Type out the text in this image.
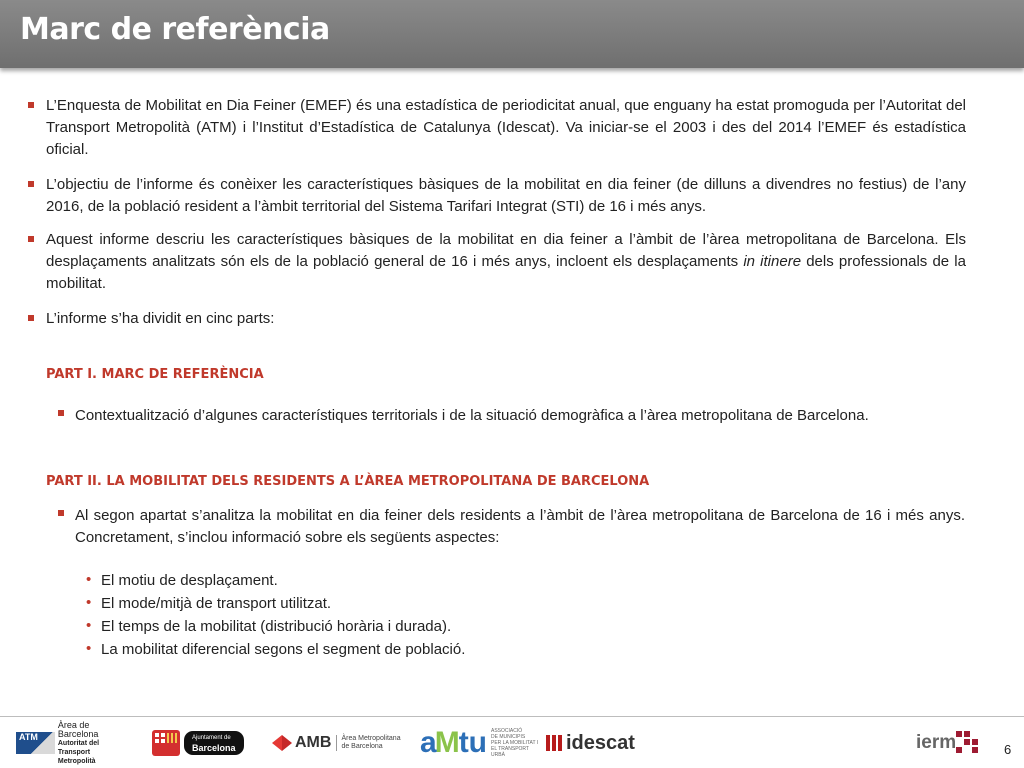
Marc de referència
L’Enquesta de Mobilitat en Dia Feiner (EMEF) és una estadística de periodicitat anual, que enguany ha estat promoguda per l’Autoritat del Transport Metropolità (ATM) i l’Institut d’Estadística de Catalunya (Idescat). Va iniciar-se el 2003 i des del 2014 l’EMEF és estadística oficial.
L’objectiu de l’informe és conèixer les característiques bàsiques de la mobilitat en dia feiner (de dilluns a divendres no festius) de l’any 2016, de la població resident a l’àmbit territorial del Sistema Tarifari Integrat (STI) de 16 i més anys.
Aquest informe descriu les característiques bàsiques de la mobilitat en dia feiner a l’àmbit de l’àrea metropolitana de Barcelona. Els desplaçaments analitzats són els de la població general de 16 i més anys, incloent els desplaçaments in itinere dels professionals de la mobilitat.
L’informe s’ha dividit en cinc parts:
PART I. MARC DE REFERÈNCIA
Contextualització d’algunes característiques territorials i de la situació demogràfica a l’àrea metropolitana de Barcelona.
PART II. LA MOBILITAT DELS RESIDENTS A L’ÀREA METROPOLITANA DE BARCELONA
Al segon apartat s’analitza la mobilitat en dia feiner dels residents a l’àmbit de l’àrea metropolitana de Barcelona de 16 i més anys. Concretament, s’inclou informació sobre els següents aspectes:
• El motiu de desplaçament.
• El mode/mitjà de transport utilitzat.
• El temps de la mobilitat (distribució horària i durada).
• La mobilitat diferencial segons el segment de població.
ATM
Àrea de Barcelona
Autoritat del Transport
Metropolità
Ajuntament de
Barcelona	AMB Àrea Metropolitana
de Barcelona	a
M tu ASSOCIACIÓ
DE MUNICIPIS
PER LA MOBILITAT I
EL TRANSPORT URBÀ
idescat	ierm	6
